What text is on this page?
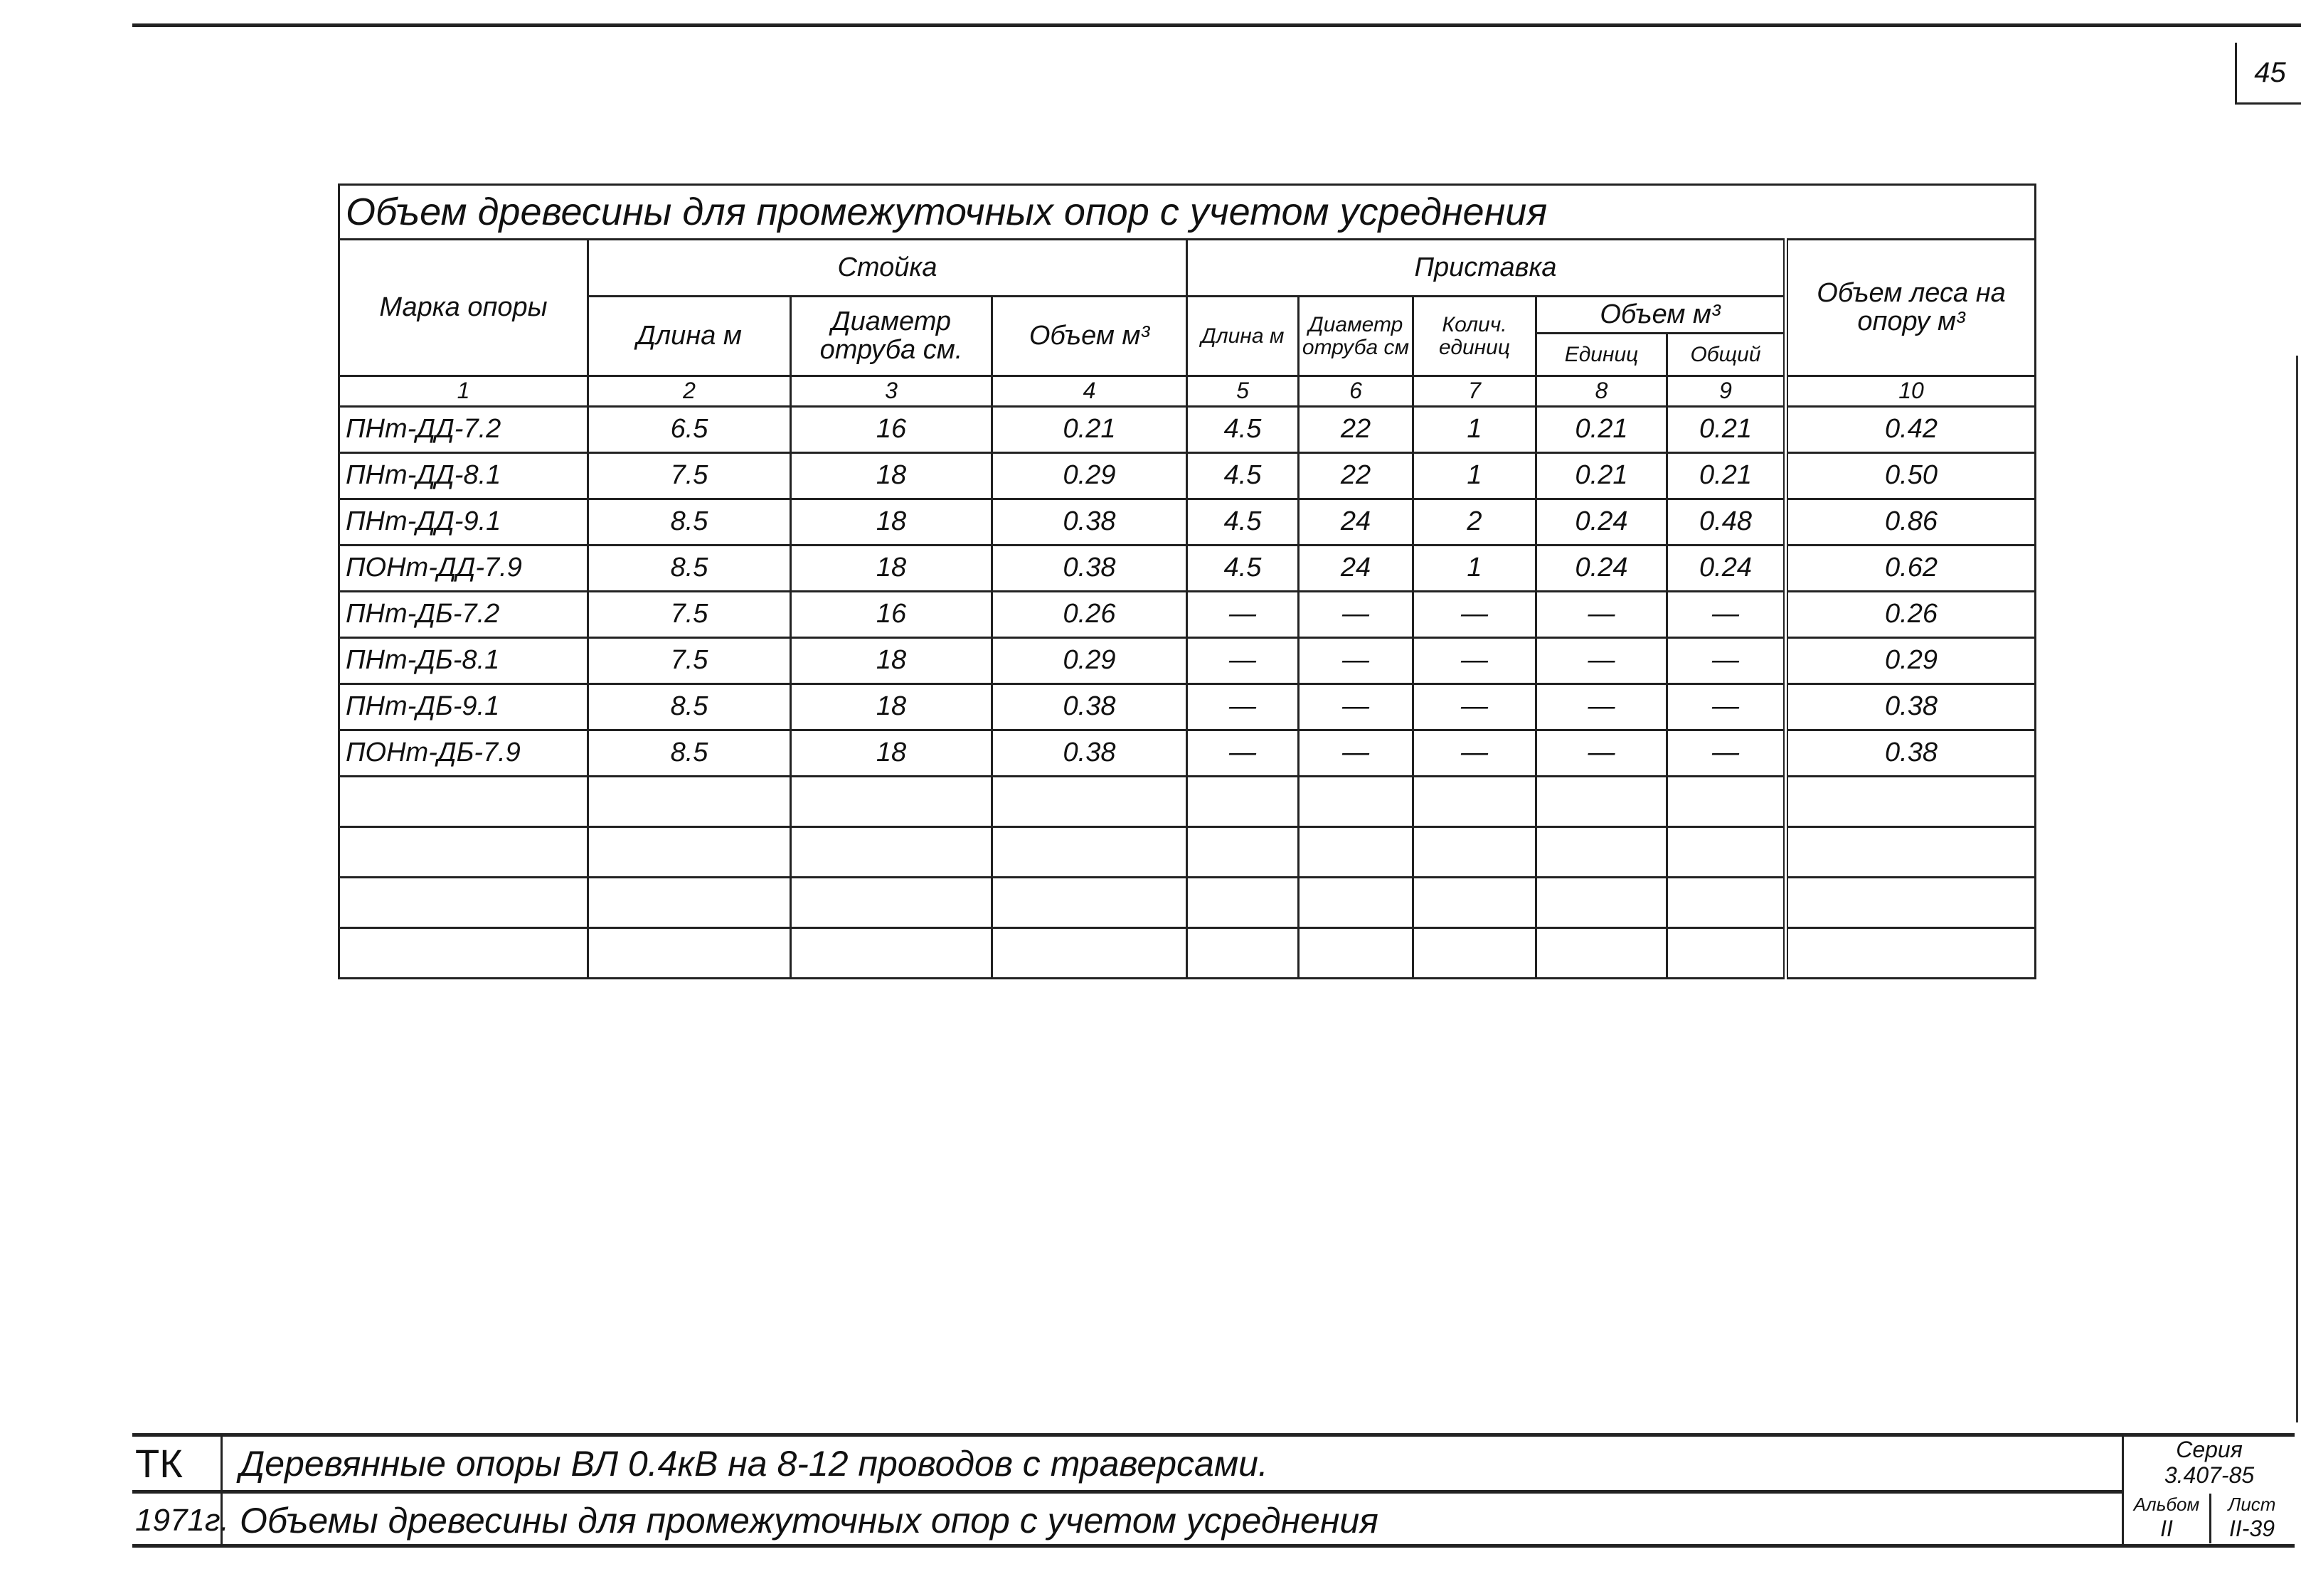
45
Объем древесины для промежуточных опор с учетом усреднения									
Марка опоры	Стойка			Приставка					Объем леса на опору м³
	Длина м	Диаметр отруба см.	Объем м³	Длина м	Диаметр отруба см	Колич. единиц	Объем м³		
							Единиц	Общий	
1	2	3	4	5	6	7	8	9	10
ПНт-ДД-7.2	6.5	16	0.21	4.5	22	1	0.21	0.21	0.42
ПНт-ДД-8.1	7.5	18	0.29	4.5	22	1	0.21	0.21	0.50
ПНт-ДД-9.1	8.5	18	0.38	4.5	24	2	0.24	0.48	0.86
ПОНт-ДД-7.9	8.5	18	0.38	4.5	24	1	0.24	0.24	0.62
ПНт-ДБ-7.2	7.5	16	0.26	—	—	—	—	—	0.26
ПНт-ДБ-8.1	7.5	18	0.29	—	—	—	—	—	0.29
ПНт-ДБ-9.1	8.5	18	0.38	—	—	—	—	—	0.38
ПОНт-ДБ-7.9	8.5	18	0.38	—	—	—	—	—	0.38

ТК	Деревянные опоры ВЛ 0.4кВ на 8-12 проводов с траверсами.
1971г. Объемы древесины для промежуточных опор с учетом усреднения
Серия
3.407-85
Альбом
II
Лист
II-39
